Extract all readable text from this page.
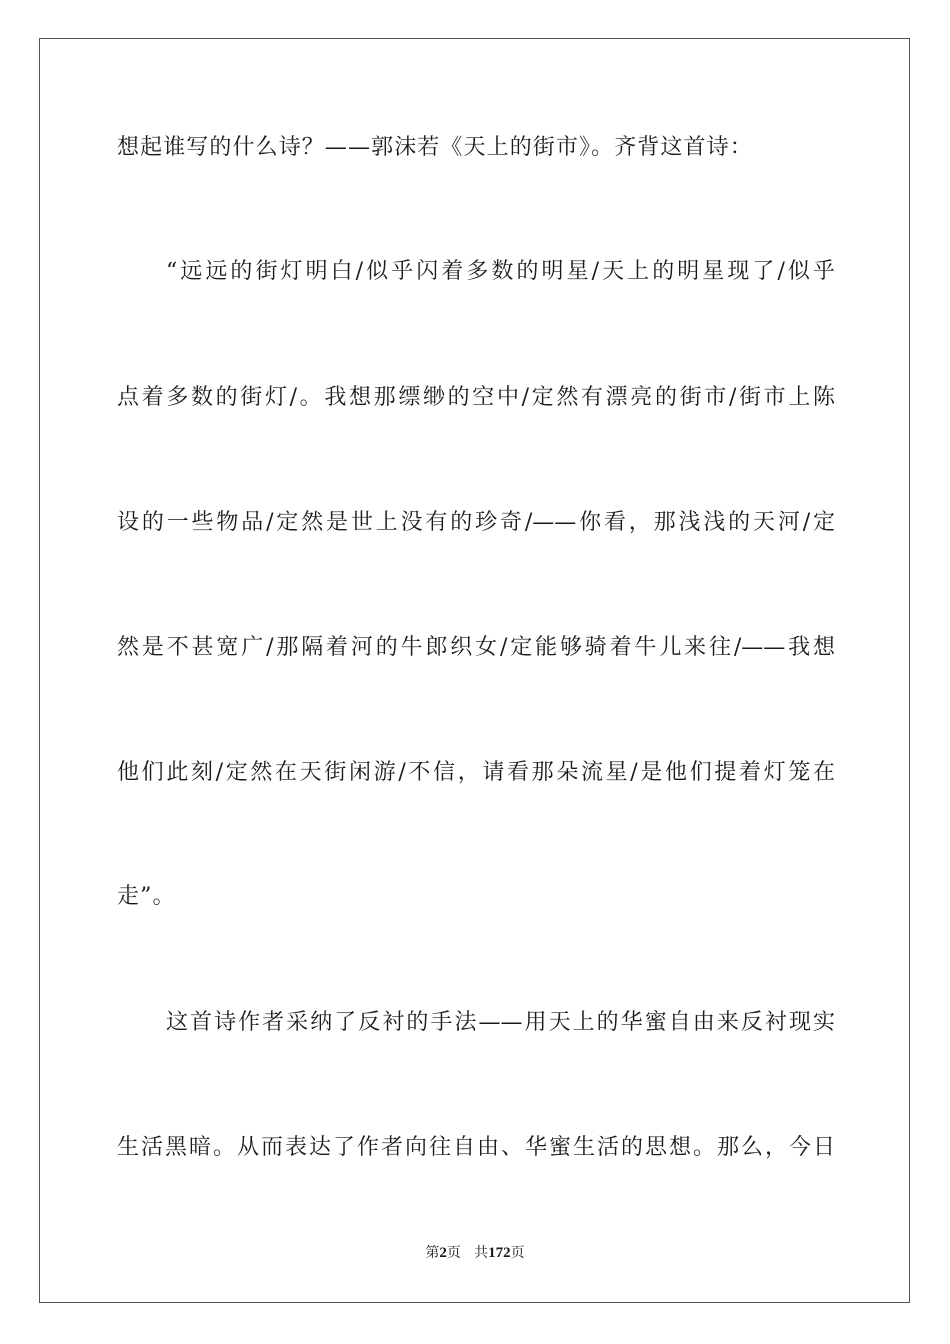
想起谁写的什么诗？——郭沫若《天上的街市》。齐背这首诗：
“远远的街灯明白/似乎闪着多数的明星/天上的明星现了/似乎
点着多数的街灯/。我想那缥缈的空中/定然有漂亮的街市/街市上陈
设的一些物品/定然是世上没有的珍奇/——你看，那浅浅的天河/定
然是不甚宽广/那隔着河的牛郎织女/定能够骑着牛儿来往/——我想
他们此刻/定然在天街闲游/不信，请看那朵流星/是他们提着灯笼在
走”。
这首诗作者采纳了反衬的手法——用天上的华蜜自由来反衬现实
生活黑暗。从而表达了作者向往自由、华蜜生活的思想。那么，今日
第2页 共172页
